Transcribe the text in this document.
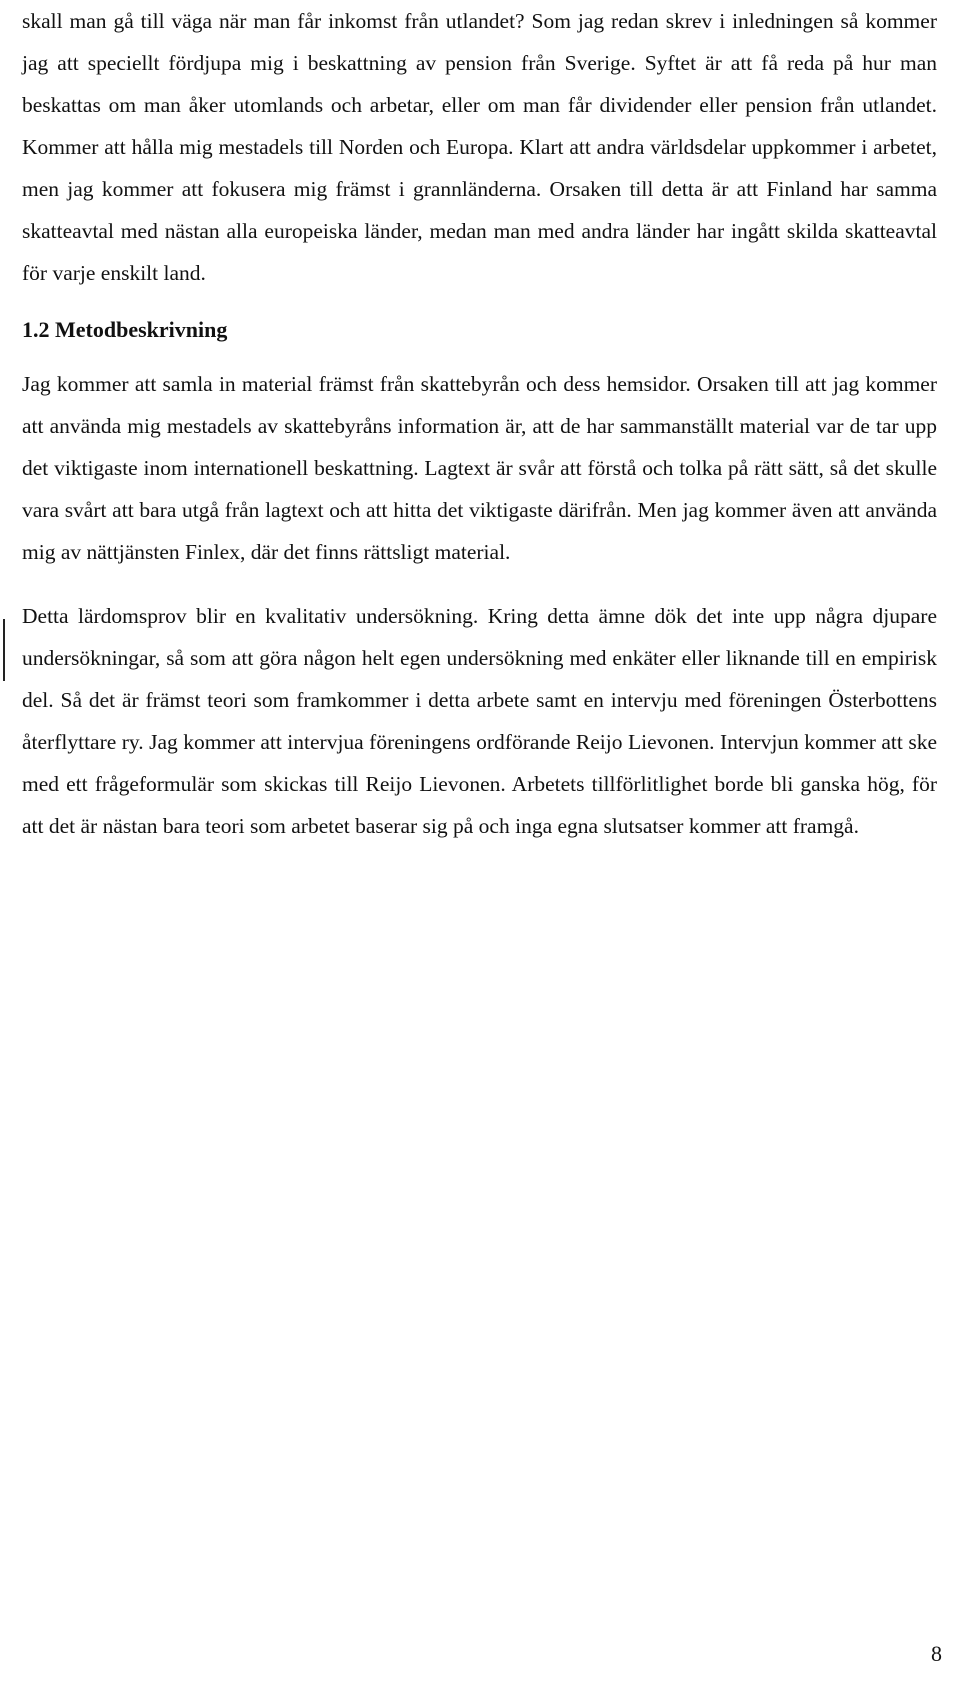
skall man gå till väga när man får inkomst från utlandet? Som jag redan skrev i inledningen så kommer jag att speciellt fördjupa mig i beskattning av pension från Sverige. Syftet är att få reda på hur man beskattas om man åker utomlands och arbetar, eller om man får dividender eller pension från utlandet. Kommer att hålla mig mestadels till Norden och Europa. Klart att andra världsdelar uppkommer i arbetet, men jag kommer att fokusera mig främst i grannländerna. Orsaken till detta är att Finland har samma skatteavtal med nästan alla europeiska länder, medan man med andra länder har ingått skilda skatteavtal för varje enskilt land.

1.2 Metodbeskrivning

Jag kommer att samla in material främst från skattebyrån och dess hemsidor. Orsaken till att jag kommer att använda mig mestadels av skattebyråns information är, att de har sammanställt material var de tar upp det viktigaste inom internationell beskattning. Lagtext är svår att förstå och tolka på rätt sätt, så det skulle vara svårt att bara utgå från lagtext och att hitta det viktigaste därifrån. Men jag kommer även att använda mig av nättjänsten Finlex, där det finns rättsligt material.

Detta lärdomsprov blir en kvalitativ undersökning. Kring detta ämne dök det inte upp några djupare undersökningar, så som att göra någon helt egen undersökning med enkäter eller liknande till en empirisk del. Så det är främst teori som framkommer i detta arbete samt en intervju med föreningen Österbottens återflyttare ry. Jag kommer att intervjua föreningens ordförande Reijo Lievonen. Intervjun kommer att ske med ett frågeformulär som skickas till Reijo Lievonen. Arbetets tillförlitlighet borde bli ganska hög, för att det är nästan bara teori som arbetet baserar sig på och inga egna slutsatser kommer att framgå.

8
